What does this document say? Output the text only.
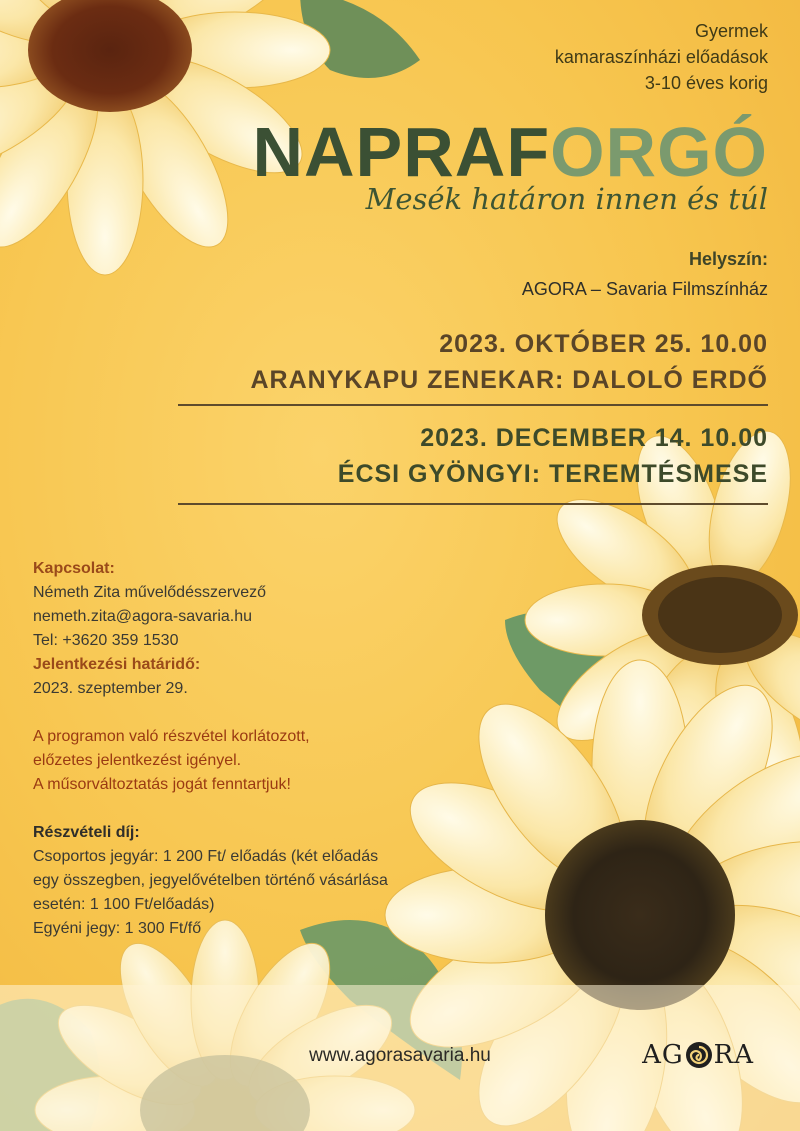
Gyermek
kamaraszínházi előadások
3-10 éves korig
NAPRAFORGÓ
Mesék határon innen és túl
Helyszín:
AGORA – Savaria Filmszínház
2023. OKTÓBER 25. 10.00
ARANYKAPU ZENEKAR: DALOLÓ ERDŐ
2023. DECEMBER 14. 10.00
ÉCSI GYÖNGYI: TEREMTÉSMESE
Kapcsolat:
Németh Zita művelődésszervező
nemeth.zita@agora-savaria.hu
Tel: +3620 359 1530
Jelentkezési határidő:
2023. szeptember 29.
A programon való részvétel korlátozott,
előzetes jelentkezést igényel.
A műsorváltoztatás jogát fenntartjuk!
Részvételi díj:
Csoportos jegyár: 1 200 Ft/ előadás (két előadás
egy összegben, jegyelővételben történő vásárlása
esetén: 1 100 Ft/előadás)
Egyéni jegy: 1 300 Ft/fő
www.agorasavaria.hu	AG RA
